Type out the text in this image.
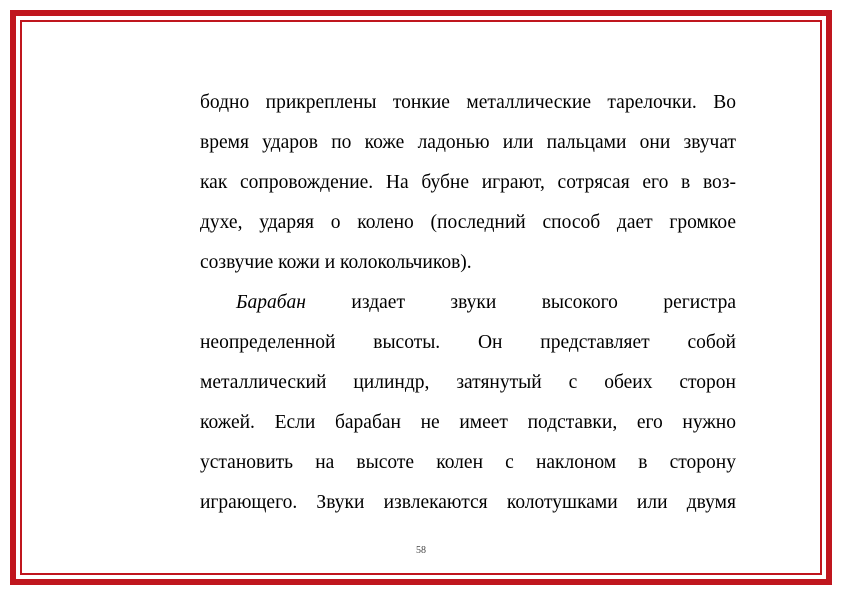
бодно прикреплены тонкие металлические тарелочки. Во
время ударов по коже ладонью или пальцами они звучат
как сопровождение. На бубне играют, сотрясая его в воз-
духе, ударяя о колено (последний способ дает громкое
созвучие кожи и колокольчиков).
Барабан издает звуки высокого регистра
неопределенной высоты. Он представляет собой
металлический цилиндр, затянутый с обеих сторон
кожей. Если барабан не имеет подставки, его нужно
установить на высоте колен с наклоном в сторону
играющего. Звуки извлекаются колотушками или двумя
58
